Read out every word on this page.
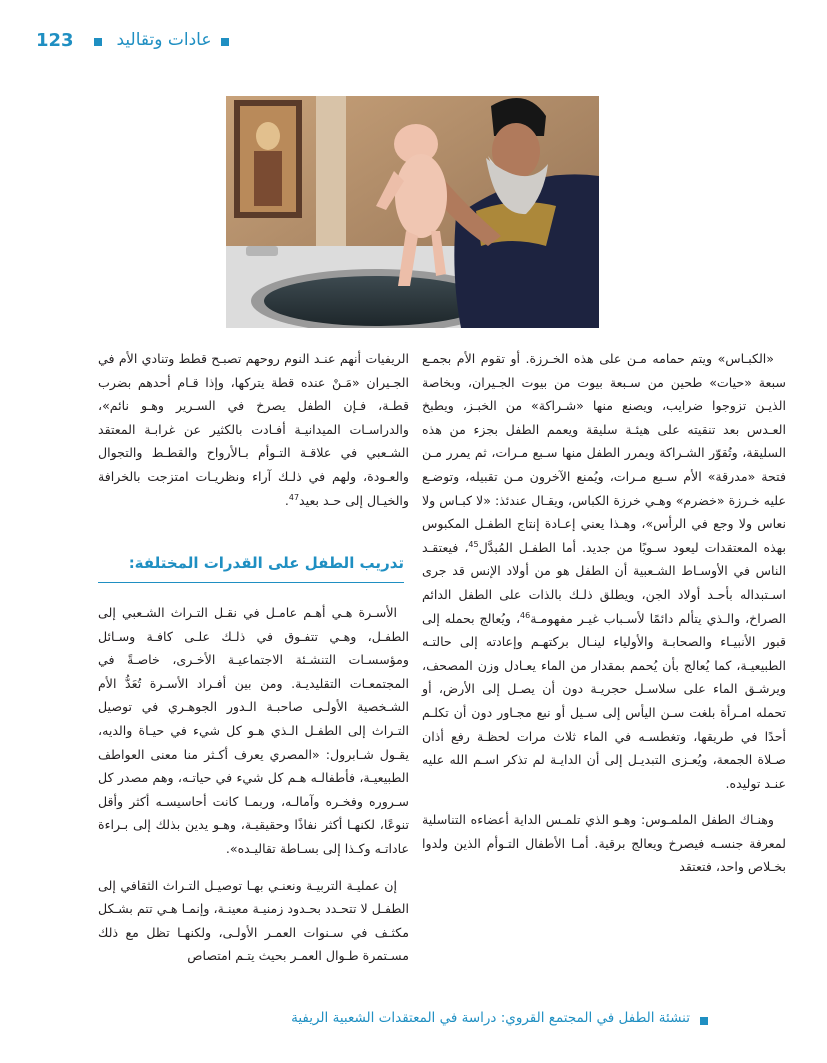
123	عادات وتقاليد

«الكبـاس» ويتم حمامه مـن على هذه الخـرزة. أو تقوم الأم بجمـع سبعة «حيات» طحين من سـبعة بيوت من بيوت الجـيران، وبخاصة الذيـن تزوجوا ضرايب، ويصنع منها «شـراكة» من الخبـز، ويطبخ العـدس بعد تنقيته على هيئـة سليقة ويعمم الطفل بجزء من هذه السليقة، وتُقوّر الشـراكة ويمرر الطفل منها سـبع مـرات، ثم يمرر مـن فتحة «مدرقة» الأم سـبع مـرات، ويُمنع الآخرون مـن تقبيله، وتوضـع عليه خـرزة «خضرم» وهـي خرزة الكباس، ويقـال عندئذ: «لا كبـاس ولا نعاس ولا وجع في الرأس»، وهـذا يعني إعـادة إنتاج الطفـل المكبوس بهذه المعتقدات ليعود سـويًا من جديد. أما الطفـل المُبدَّل$^{45}$، فيعتقـد الناس في الأوسـاط الشـعبية أن الطفل هو من أولاد الإنس قد جرى اسـتبداله بأحـد أولاد الجن، ويطلق ذلـك بالذات على الطفل الدائم الصراخ، والـذي يتألم دائمًا لأسـباب غيـر مفهومـة$^{46}$، ويُعالج بحمله إلى قبور الأنبيـاء والصحابـة والأولياء لينـال بركتهـم وإعادته إلى حالتـه الطبيعيـة، كما يُعالج بأن يُحمم بمقدار من الماء يعـادل وزن المصحف، ويرشـق الماء على سلاسـل حجريـة دون أن يصـل إلى الأرض، أو تحمله امـرأة بلغت سـن اليأس إلى سـيل أو نبع مجـاور دون أن تكلـم أحدًا في طريقها، وتغطسـه في الماء ثلاث مرات لحظـة رفع أذان صـلاة الجمعة، ويُعـزى التبديـل إلى أن الدايـة لم تذكر اسـم الله عليه عنـد توليده.

وهنـاك الطفل الملمـوس: وهـو الذي تلمـس الداية أعضاءه التناسلية لمعرفة جنسـه فيصرخ ويعالج برقية. أمـا الأطفال التـوأم الذين ولدوا بخـلاص واحد، فتعتقد

الريفيات أنهم عنـد النوم روحهم تصبـح قطط وتنادي الأم في الجـيران «مَـنْ عنده قطة يتركها، وإذا قـام أحدهم بضرب قطـة، فـإن الطفل يصرخ في السـرير وهـو نائم»، والدراسـات الميدانيـة أفـادت بالكثير عن غرابـة المعتقد الشـعبي في علاقـة التـوأم بـالأرواح والقطـط والتجوال والعـودة، ولهم في ذلـك آراء ونظريـات امتزجت بالخرافة والخيـال إلى حـد بعيد$^{47}$.

تدريب الطفل على القدرات المختلفة:

الأسـرة هـي أهـم عامـل في نقـل التـراث الشـعبي إلى الطفـل، وهـي تتفـوق في ذلـك علـى كافـة وسـائل ومؤسسـات التنشـئة الاجتماعيـة الأخـرى، خاصـةً في المجتمعـات التقليديـة. ومن بين أفـراد الأسـرة تُعَدُّ الأم الشـخصية الأولـى صاحبـة الـدور الجوهـري في توصيل التـراث إلى الطفـل الـذي هـو كل شيء في حيـاة والديه، يقـول شـابرول: «المصري يعرف أكـثر منا معنى العواطف الطبيعيـة، فأطفالـه هـم كل شيء في حياتـه، وهم مصدر كل سـروره وفخـره وآمالـه، وربمـا كانت أحاسيسـه أكثر وأقل تنوعًا، لكنهـا أكثر نفاذًا وحقيقيـة، وهـو يدين بذلك إلى بـراءة عاداتـه وكـذا إلى بسـاطة تقاليـده».

إن عمليـة التربيـة ونعنـي بهـا توصيـل التـراث الثقافي إلى الطفـل لا تتحـدد بحـدود زمنيـة معينـة، وإنمـا هـي تتم بشـكل مكثـف في سـنوات العمـر الأولـى، ولكنهـا تظل مع ذلك مسـتمرة طـوال العمـر بحيث يتـم امتصاص

تنشئة الطفل في المجتمع القروي: دراسة في المعتقدات الشعبية الريفية
